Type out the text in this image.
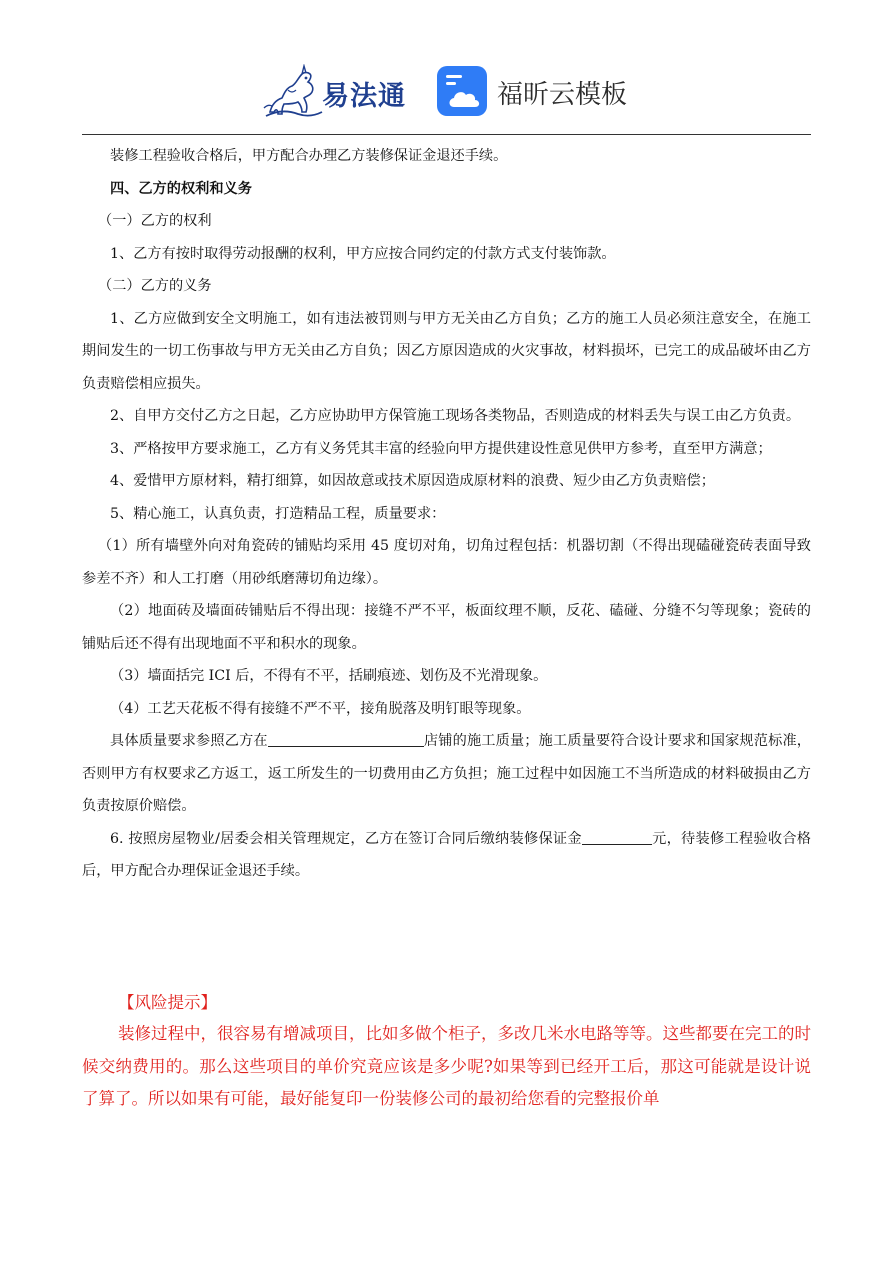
易法通	福昕云模板

装修工程验收合格后，甲方配合办理乙方装修保证金退还手续。

四、乙方的权利和义务

（一）乙方的权利

1、乙方有按时取得劳动报酬的权利，甲方应按合同约定的付款方式支付装饰款。

（二）乙方的义务

1、乙方应做到安全文明施工，如有违法被罚则与甲方无关由乙方自负；乙方的施工人员必须注意安全，在施工期间发生的一切工伤事故与甲方无关由乙方自负；因乙方原因造成的火灾事故，材料损坏，已完工的成品破坏由乙方负责赔偿相应损失。

2、自甲方交付乙方之日起，乙方应协助甲方保管施工现场各类物品，否则造成的材料丢失与误工由乙方负责。

3、严格按甲方要求施工，乙方有义务凭其丰富的经验向甲方提供建设性意见供甲方参考，直至甲方满意；

4、爱惜甲方原材料，精打细算，如因故意或技术原因造成原材料的浪费、短少由乙方负责赔偿；

5、精心施工，认真负责，打造精品工程，质量要求：

（1）所有墙壁外向对角瓷砖的铺贴均采用 45 度切对角，切角过程包括：机器切割（不得出现磕碰瓷砖表面导致参差不齐）和人工打磨（用砂纸磨薄切角边缘）。

（2）地面砖及墙面砖铺贴后不得出现：接缝不严不平，板面纹理不顺，反花、磕碰、分缝不匀等现象；瓷砖的铺贴后还不得有出现地面不平和积水的现象。

（3）墙面括完 ICI 后，不得有不平，括刷痕迹、划伤及不光滑现象。

（4）工艺天花板不得有接缝不严不平，接角脱落及明钉眼等现象。

具体质量要求参照乙方在	店铺的施工质量；施工质量要符合设计要求和国家规范标准，否则甲方有权要求乙方返工，返工所发生的一切费用由乙方负担；施工过程中如因施工不当所造成的材料破损由乙方负责按原价赔偿。

6. 按照房屋物业/居委会相关管理规定，乙方在签订合同后缴纳装修保证金	元，待装修工程验收合格后，甲方配合办理保证金退还手续。

【风险提示】

装修过程中，很容易有增减项目，比如多做个柜子，多改几米水电路等等。这些都要在完工的时候交纳费用的。那么这些项目的单价究竟应该是多少呢?如果等到已经开工后，那这可能就是设计说了算了。所以如果有可能，最好能复印一份装修公司的最初给您看的完整报价单
